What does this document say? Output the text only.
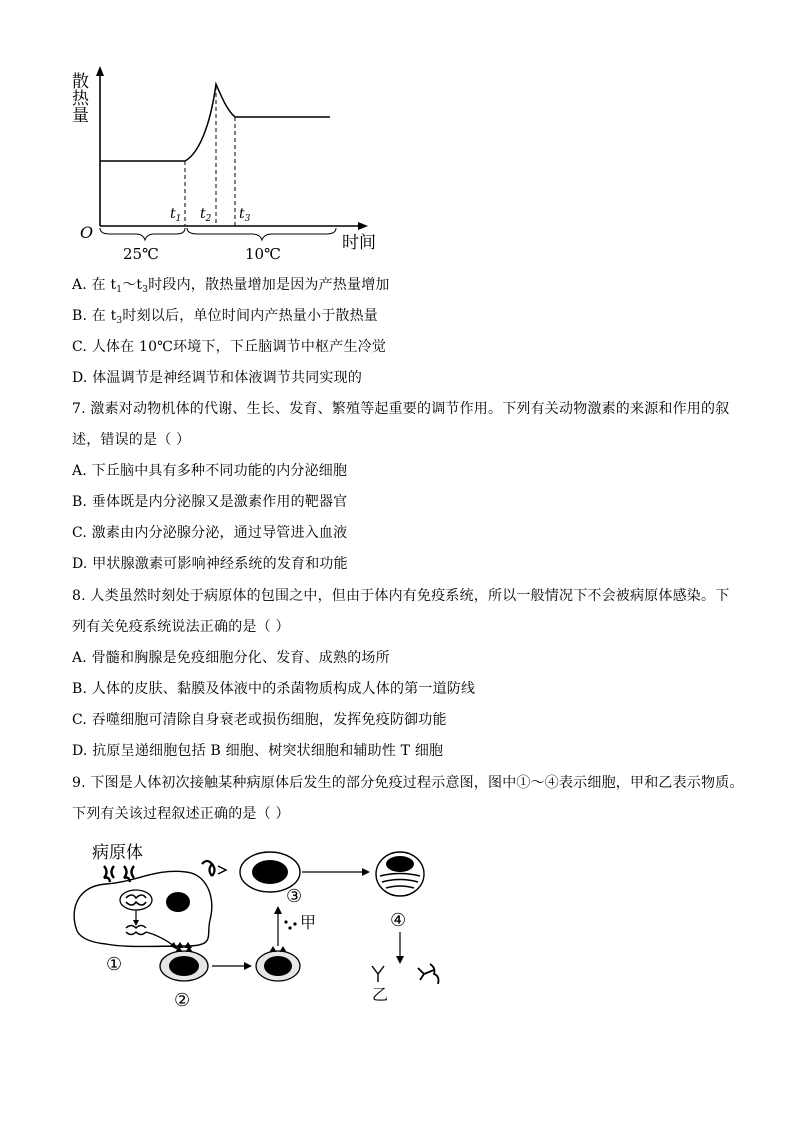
散热量
O
时间
$t_1$ $t_2$ $t_3$
25℃	10℃
A. 在 $t_1\sim t_3$时段内，散热量增加是因为产热量增加
B. 在 $t_3$时刻以后，单位时间内产热量小于散热量
C. 人体在 10℃环境下，下丘脑调节中枢产生冷觉
D. 体温调节是神经调节和体液调节共同实现的
7. 激素对动物机体的代谢、生长、发育、繁殖等起重要的调节作用。下列有关动物激素的来源和作用的叙
述，错误的是（ ）
A. 下丘脑中具有多种不同功能的内分泌细胞
B. 垂体既是内分泌腺又是激素作用的靶器官
C. 激素由内分泌腺分泌，通过导管进入血液
D. 甲状腺激素可影响神经系统的发育和功能
8. 人类虽然时刻处于病原体的包围之中，但由于体内有免疫系统，所以一般情况下不会被病原体感染。下
列有关免疫系统说法正确的是（ ）
A. 骨髓和胸腺是免疫细胞分化、发育、成熟的场所
B. 人体的皮肤、黏膜及体液中的杀菌物质构成人体的第一道防线
C. 吞噬细胞可清除自身衰老或损伤细胞，发挥免疫防御功能
D. 抗原呈递细胞包括 B 细胞、树突状细胞和辅助性 T 细胞
9. 下图是人体初次接触某种病原体后发生的部分免疫过程示意图，图中①～④表示细胞，甲和乙表示物质。
下列有关该过程叙述正确的是（ ）
病原体
①
②
甲
③
④
乙
